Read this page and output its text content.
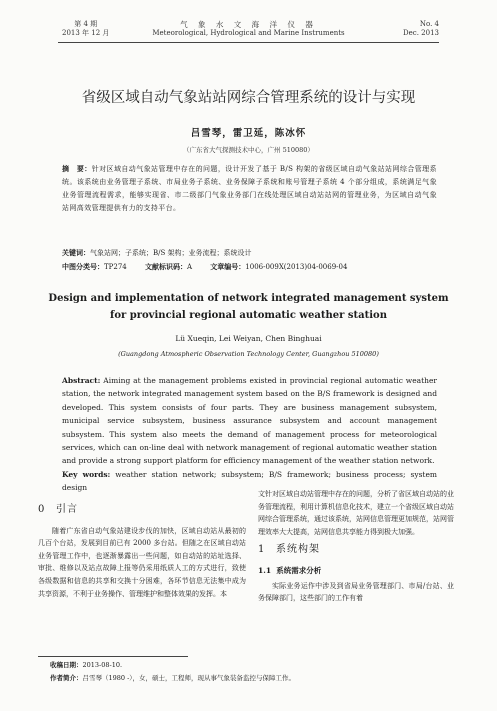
第 4 期
2013 年 12 月
气 象 水 文 海 洋 仪 器
Meteorological, Hydrological and Marine Instruments
No. 4
Dec. 2013
省级区域自动气象站站网综合管理系统的设计与实现
吕雪琴，雷卫延，陈冰怀
（广东省大气探测技术中心，广州 510080）
摘　要：针对区域自动气象站管理中存在的问题，设计开发了基于 B/S 构架的省级区域自动气象站站网综合管理系统。该系统由业务管理子系统、市局业务子系统、业务保障子系统和账号管理子系统 4 个部分组成，系统满足气象业务管理流程需求，能够实现省、市二级部门气象业务部门在线处理区域自动站站网的管理业务，为区域自动气象站网高效管理提供有力的支持平台。
关键词：气象站网；子系统；B/S 架构；业务流程；系统设计
中图分类号：TP274	文献标识码：A	文章编号：1006-009X(2013)04-0069-04
Design and implementation of network integrated management system
for provincial regional automatic weather station
Lü Xueqin, Lei Weiyan, Chen Binghuai
(Guangdong Atmospheric Observation Technology Center, Guangzhou 510080)
Abstract: Aiming at the management problems existed in provincial regional automatic weather station, the network integrated management system based on the B/S framework is designed and developed. This system consists of four parts. They are business management subsystem, municipal service subsystem, business assurance subsystem and account management subsystem. This system also meets the demand of management process for meteorological services, which can on-line deal with network management of regional automatic weather station and provide a strong support platform for efficiency management of the weather station network.
Key words: weather station network; subsystem; B/S framework; business process; system design
0 引言
随着广东省自动气象站建设步伐的加快，区域自动站从最初的几百个台站，发展到目前已有 2000 多台站。但随之在区域自动站业务管理工作中，也逐渐暴露出一些问题，如自动站的站址选择、审批、维修以及站点故障上报等仍采用纸质人工的方式进行，致使各级数据和信息的共享和交换十分困难，各环节信息无法集中成为共享资源，不利于业务操作、管理维护和整体效果的发挥。本
文针对区域自动站管理中存在的问题，分析了省区域自动站的业务管理流程，利用计算机信息化技术，建立一个省级区域自动站网综合管理系统，通过该系统，站网信息管理更加规范，站网管理效率大大提高，站网信息共享能力得到极大加强。
1 系统构架
1.1 系统需求分析
实际业务运作中涉及到省局业务管理部门、市局/台站、业务保障部门，这些部门的工作有着
收稿日期：2013-08-10.
作者简介：吕雪琴（1980 -），女，硕士，工程师，现从事气象装备监控与保障工作。
